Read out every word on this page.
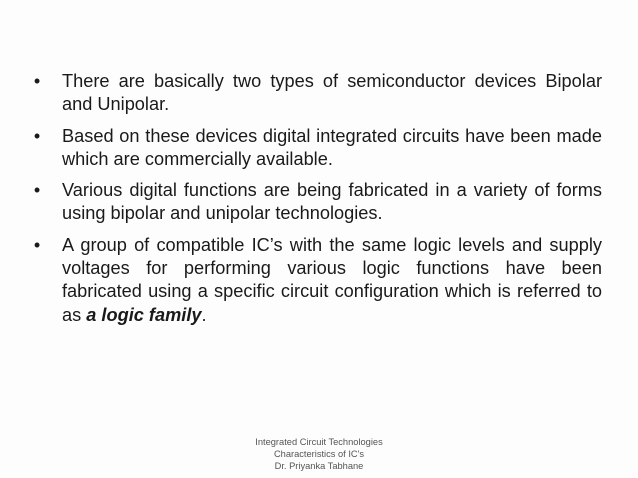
• There are basically two types of semiconductor devices Bipolar and Unipolar.
• Based on these devices digital integrated circuits have been made which are commercially available.
• Various digital functions are being fabricated in a variety of forms using bipolar and unipolar technologies.
• A group of compatible IC’s with the same logic levels and supply voltages for performing various logic functions have been fabricated using a specific circuit configuration which is referred to as a logic family.
Integrated Circuit Technologies
Characteristics of IC's
Dr. Priyanka Tabhane
